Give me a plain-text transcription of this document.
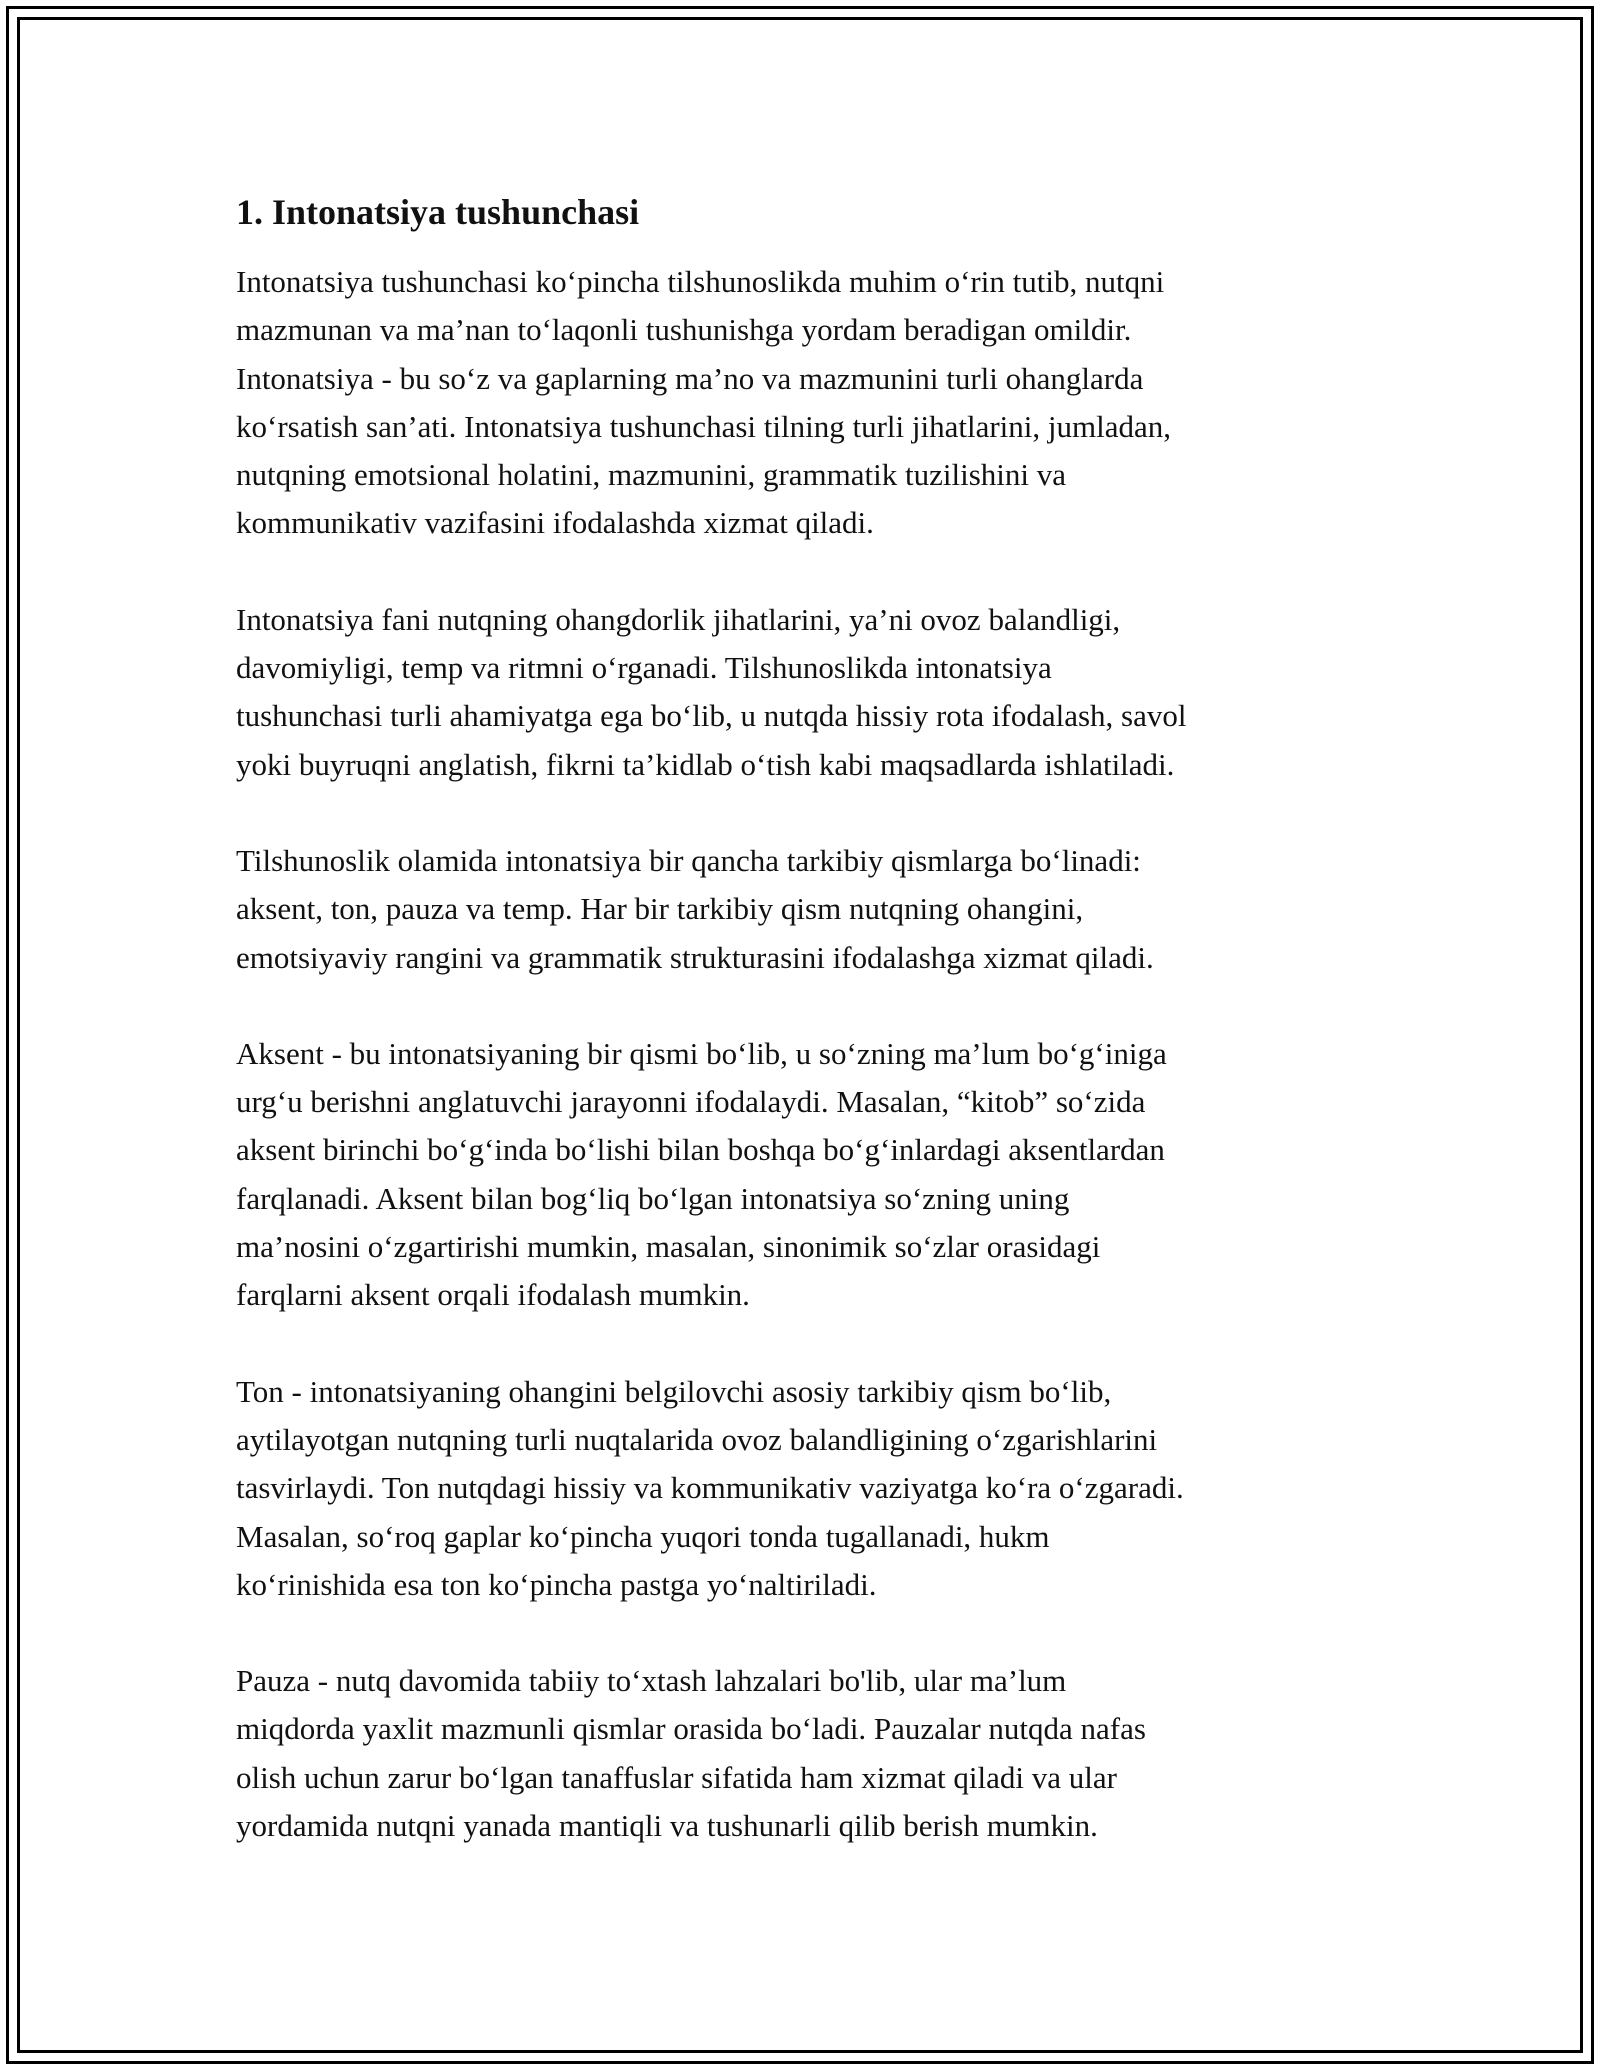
1. Intonatsiya tushunchasi

Intonatsiya tushunchasi ko‘pincha tilshunoslikda muhim o‘rin tutib, nutqni
mazmunan va ma’nan to‘laqonli tushunishga yordam beradigan omildir.
Intonatsiya - bu so‘z va gaplarning ma’no va mazmunini turli ohanglarda
ko‘rsatish san’ati. Intonatsiya tushunchasi tilning turli jihatlarini, jumladan,
nutqning emotsional holatini, mazmunini, grammatik tuzilishini va
kommunikativ vazifasini ifodalashda xizmat qiladi.

Intonatsiya fani nutqning ohangdorlik jihatlarini, ya’ni ovoz balandligi,
davomiyligi, temp va ritmni o‘rganadi. Tilshunoslikda intonatsiya
tushunchasi turli ahamiyatga ega bo‘lib, u nutqda hissiy rota ifodalash, savol
yoki buyruqni anglatish, fikrni ta’kidlab o‘tish kabi maqsadlarda ishlatiladi.

Tilshunoslik olamida intonatsiya bir qancha tarkibiy qismlarga bo‘linadi:
aksent, ton, pauza va temp. Har bir tarkibiy qism nutqning ohangini,
emotsiyaviy rangini va grammatik strukturasini ifodalashga xizmat qiladi.

Aksent - bu intonatsiyaning bir qismi bo‘lib, u so‘zning ma’lum bo‘g‘iniga
urg‘u berishni anglatuvchi jarayonni ifodalaydi. Masalan, “kitob” so‘zida
aksent birinchi bo‘g‘inda bo‘lishi bilan boshqa bo‘g‘inlardagi aksentlardan
farqlanadi. Aksent bilan bog‘liq bo‘lgan intonatsiya so‘zning uning
ma’nosini o‘zgartirishi mumkin, masalan, sinonimik so‘zlar orasidagi
farqlarni aksent orqali ifodalash mumkin.

Ton - intonatsiyaning ohangini belgilovchi asosiy tarkibiy qism bo‘lib,
aytilayotgan nutqning turli nuqtalarida ovoz balandligining o‘zgarishlarini
tasvirlaydi. Ton nutqdagi hissiy va kommunikativ vaziyatga ko‘ra o‘zgaradi.
Masalan, so‘roq gaplar ko‘pincha yuqori tonda tugallanadi, hukm
ko‘rinishida esa ton ko‘pincha pastga yo‘naltiriladi.

Pauza - nutq davomida tabiiy to‘xtash lahzalari bo'lib, ular ma’lum
miqdorda yaxlit mazmunli qismlar orasida bo‘ladi. Pauzalar nutqda nafas
olish uchun zarur bo‘lgan tanaffuslar sifatida ham xizmat qiladi va ular
yordamida nutqni yanada mantiqli va tushunarli qilib berish mumkin.
